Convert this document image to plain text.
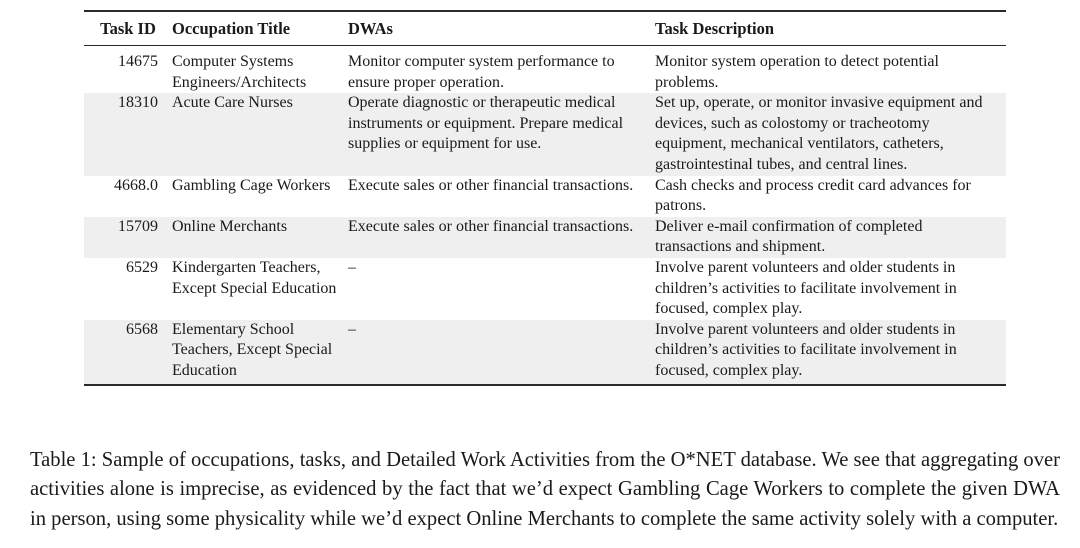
Task ID	Occupation Title	DWAs	Task Description
14675	Computer Systems Engineers/Architects	Monitor computer system performance to ensure proper operation.	Monitor system operation to detect potential problems.
18310	Acute Care Nurses	Operate diagnostic or therapeutic medical instruments or equipment. Prepare medical supplies or equipment for use.	Set up, operate, or monitor invasive equipment and devices, such as colostomy or tracheotomy equipment, mechanical ventilators, catheters, gastrointestinal tubes, and central lines.
4668.0	Gambling Cage Workers	Execute sales or other financial transactions.	Cash checks and process credit card advances for patrons.
15709	Online Merchants	Execute sales or other financial transactions.	Deliver e-mail confirmation of completed transactions and shipment.
6529	Kindergarten Teachers, Except Special Education	–	Involve parent volunteers and older students in children’s activities to facilitate involvement in focused, complex play.
6568	Elementary School Teachers, Except Special Education	–	Involve parent volunteers and older students in children’s activities to facilitate involvement in focused, complex play.

Table 1: Sample of occupations, tasks, and Detailed Work Activities from the O*NET database. We see that aggregating over activities alone is imprecise, as evidenced by the fact that we’d expect Gambling Cage Workers to complete the given DWA in person, using some physicality while we’d expect Online Merchants to complete the same activity solely with a computer.
